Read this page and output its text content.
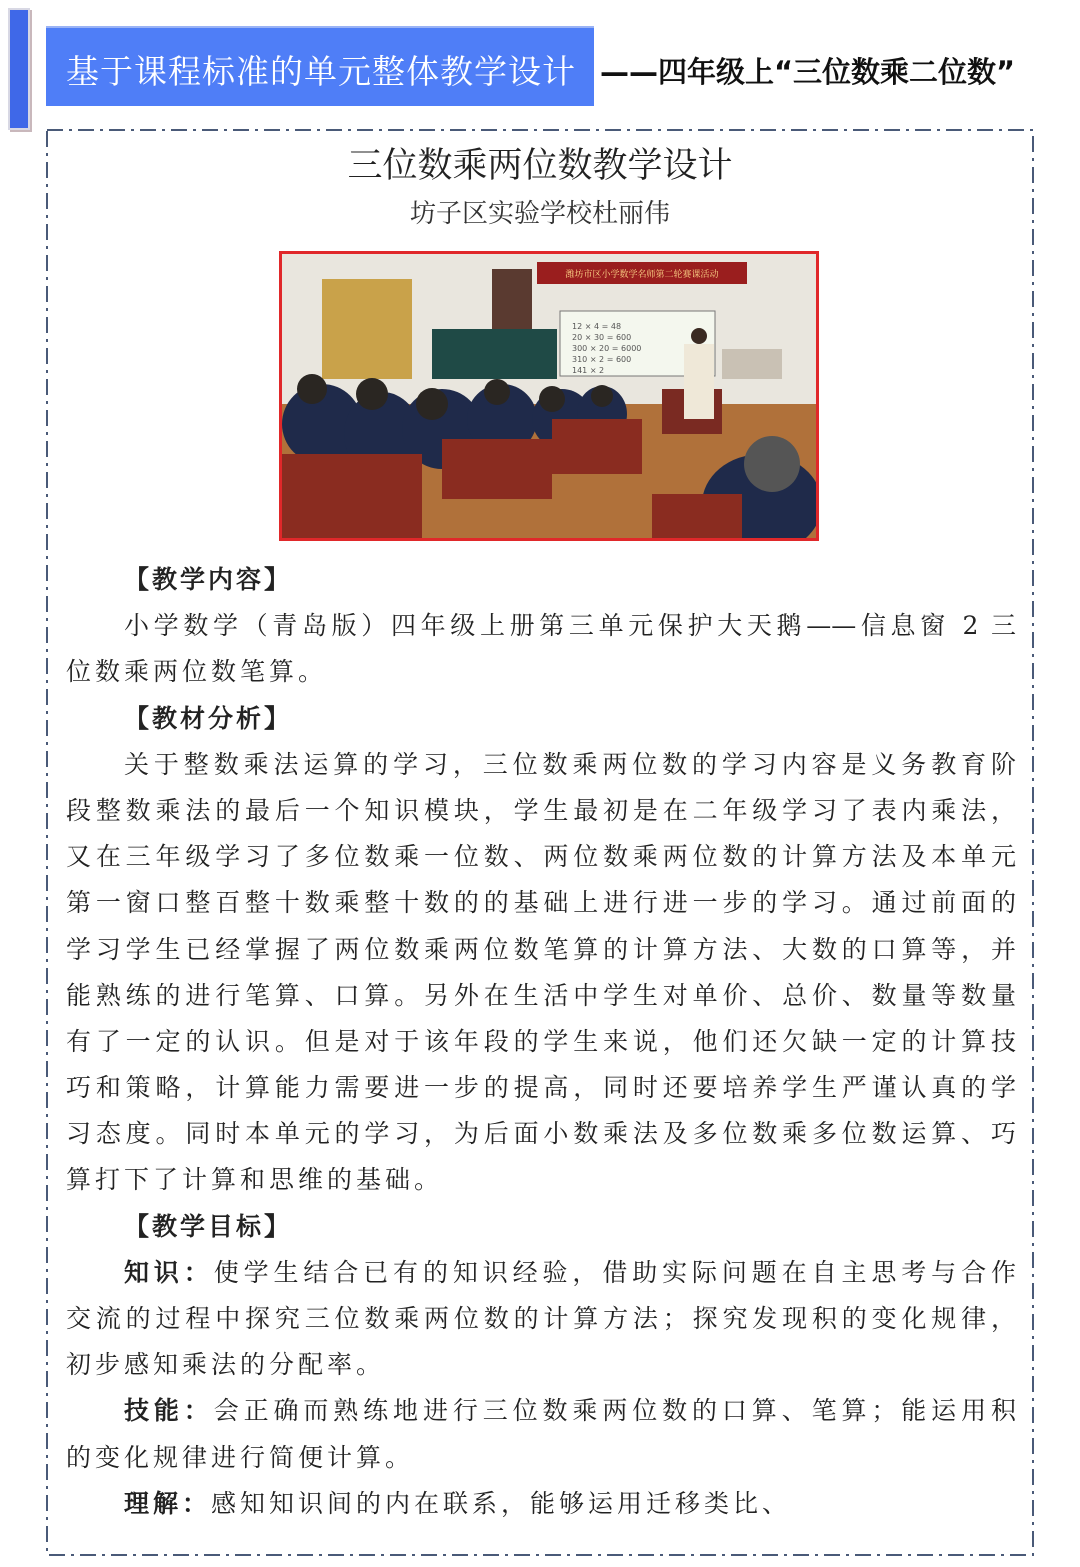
基于课程标准的单元整体教学设计 ——四年级上“三位数乘二位数”
三位数乘两位数教学设计
坊子区实验学校杜丽伟
潍坊市区小学数学名师第二轮赛课活动
12 × 4 = 48
20 × 30 = 600
300 × 20 = 6000
310 × 2 = 600
141 × 2
【教学内容】
小学数学（青岛版）四年级上册第三单元保护大天鹅——信息窗 2 三
位数乘两位数笔算。
【教材分析】
关于整数乘法运算的学习，三位数乘两位数的学习内容是义务教育阶
段整数乘法的最后一个知识模块，学生最初是在二年级学习了表内乘法，
又在三年级学习了多位数乘一位数、两位数乘两位数的计算方法及本单元
第一窗口整百整十数乘整十数的的基础上进行进一步的学习。通过前面的
学习学生已经掌握了两位数乘两位数笔算的计算方法、大数的口算等，并
能熟练的进行笔算、口算。另外在生活中学生对单价、总价、数量等数量
有了一定的认识。但是对于该年段的学生来说，他们还欠缺一定的计算技
巧和策略，计算能力需要进一步的提高，同时还要培养学生严谨认真的学
习态度。同时本单元的学习，为后面小数乘法及多位数乘多位数运算、巧
算打下了计算和思维的基础。
【教学目标】
知识：使学生结合已有的知识经验，借助实际问题在自主思考与合作
交流的过程中探究三位数乘两位数的计算方法；探究发现积的变化规律，
初步感知乘法的分配率。
技能：会正确而熟练地进行三位数乘两位数的口算、笔算；能运用积
的变化规律进行简便计算。
理解：感知知识间的内在联系，能够运用迁移类比、
